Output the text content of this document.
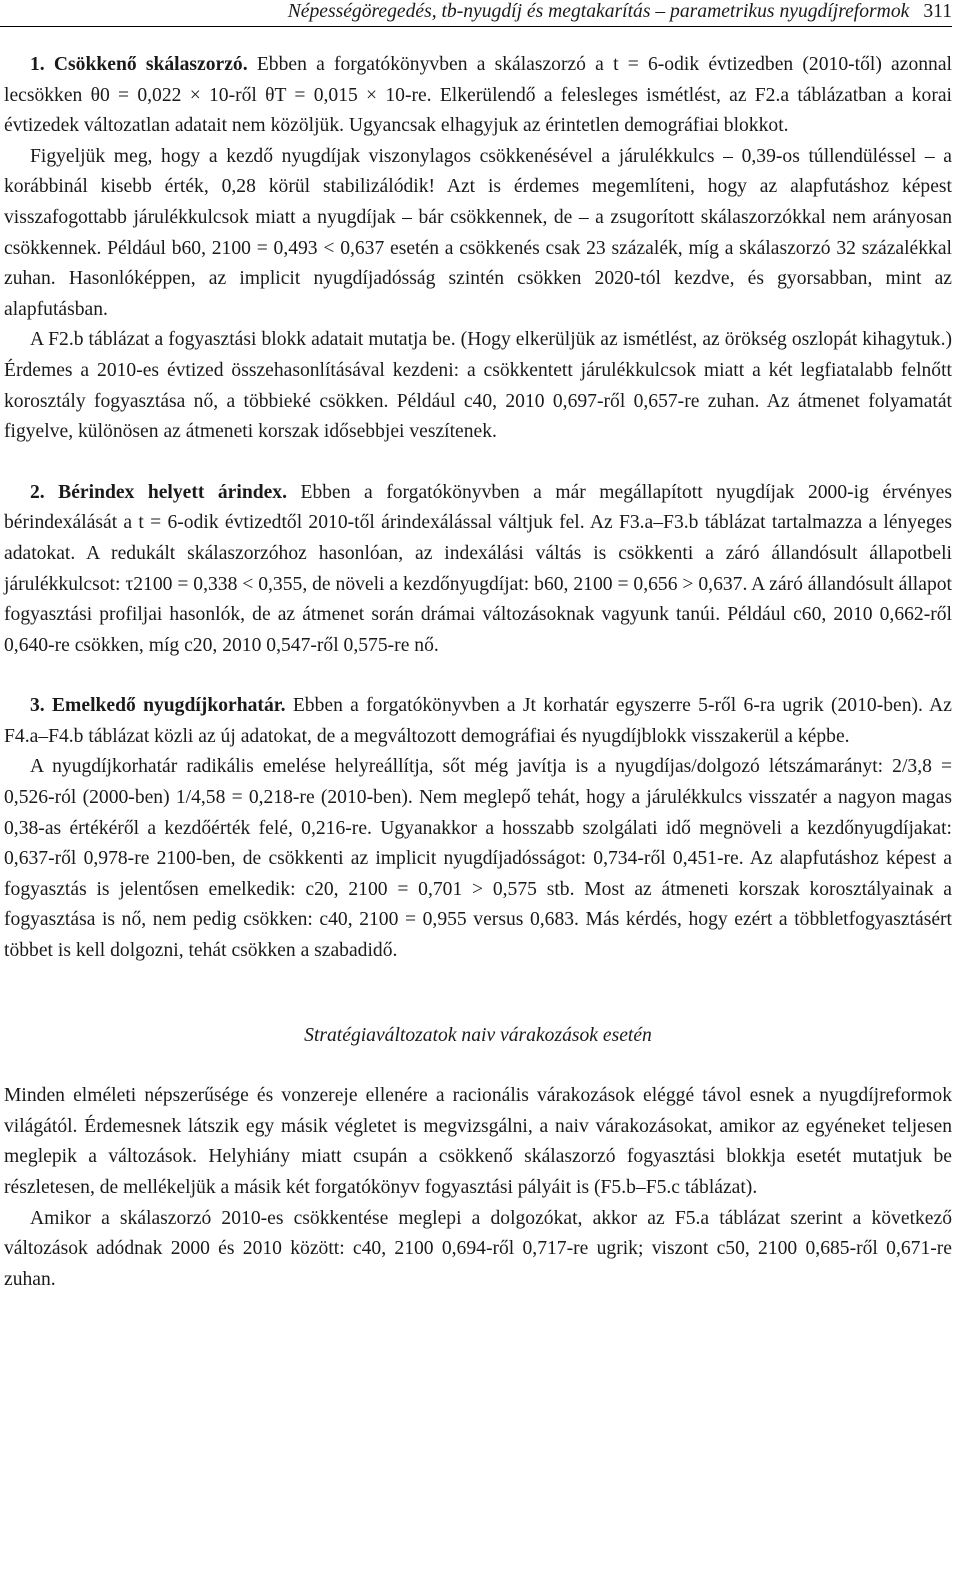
Népességöregedés, tb-nyugdíj és megtakarítás – parametrikus nyugdíjreformok 311

1. Csökkenő skálaszorzó. Ebben a forgatókönyvben a skálaszorzó a t = 6-odik évtizedben (2010-től) azonnal lecsökken θ0 = 0,022 × 10-ről θT = 0,015 × 10-re. Elkerülendő a felesleges ismétlést, az F2.a táblázatban a korai évtizedek változatlan adatait nem közöljük. Ugyancsak elhagyjuk az érintetlen demográfiai blokkot.

Figyeljük meg, hogy a kezdő nyugdíjak viszonylagos csökkenésével a járulékkulcs – 0,39-os túllendüléssel – a korábbinál kisebb érték, 0,28 körül stabilizálódik! Azt is érdemes megemlíteni, hogy az alapfutáshoz képest visszafogottabb járulékkulcsok miatt a nyugdíjak – bár csökkennek, de – a zsugorított skálaszorzókkal nem arányosan csökkennek. Például b60, 2100 = 0,493 < 0,637 esetén a csökkenés csak 23 százalék, míg a skálaszorzó 32 százalékkal zuhan. Hasonlóképpen, az implicit nyugdíjadósság szintén csökken 2020-tól kezdve, és gyorsabban, mint az alapfutásban.

A F2.b táblázat a fogyasztási blokk adatait mutatja be. (Hogy elkerüljük az ismétlést, az örökség oszlopát kihagytuk.) Érdemes a 2010-es évtized összehasonlításával kezdeni: a csökkentett járulékkulcsok miatt a két legfiatalabb felnőtt korosztály fogyasztása nő, a többieké csökken. Például c40, 2010 0,697-ről 0,657-re zuhan. Az átmenet folyamatát figyelve, különösen az átmeneti korszak idősebbjei veszítenek.

2. Bérindex helyett árindex. Ebben a forgatókönyvben a már megállapított nyugdíjak 2000-ig érvényes bérindexálását a t = 6-odik évtizedtől 2010-től árindexálással váltjuk fel. Az F3.a–F3.b táblázat tartalmazza a lényeges adatokat. A redukált skálaszorzóhoz hasonlóan, az indexálási váltás is csökkenti a záró állandósult állapotbeli járulékkulcsot: τ2100 = 0,338 < 0,355, de növeli a kezdőnyugdíjat: b60, 2100 = 0,656 > 0,637. A záró állandósult állapot fogyasztási profiljai hasonlók, de az átmenet során drámai változásoknak vagyunk tanúi. Például c60, 2010 0,662-ről 0,640-re csökken, míg c20, 2010 0,547-ről 0,575-re nő.

3. Emelkedő nyugdíjkorhatár. Ebben a forgatókönyvben a Jt korhatár egyszerre 5-ről 6-ra ugrik (2010-ben). Az F4.a–F4.b táblázat közli az új adatokat, de a megváltozott demográfiai és nyugdíjblokk visszakerül a képbe.

A nyugdíjkorhatár radikális emelése helyreállítja, sőt még javítja is a nyugdíjas/dolgozó létszámarányt: 2/3,8 = 0,526-ról (2000-ben) 1/4,58 = 0,218-re (2010-ben). Nem meglepő tehát, hogy a járulékkulcs visszatér a nagyon magas 0,38-as értékéről a kezdőérték felé, 0,216-re. Ugyanakkor a hosszabb szolgálati idő megnöveli a kezdőnyugdíjakat: 0,637-ről 0,978-re 2100-ben, de csökkenti az implicit nyugdíjadósságot: 0,734-ről 0,451-re. Az alapfutáshoz képest a fogyasztás is jelentősen emelkedik: c20, 2100 = 0,701 > 0,575 stb. Most az átmeneti korszak korosztályainak a fogyasztása is nő, nem pedig csökken: c40, 2100 = 0,955 versus 0,683. Más kérdés, hogy ezért a többletfogyasztásért többet is kell dolgozni, tehát csökken a szabadidő.

Stratégiaváltozatok naiv várakozások esetén

Minden elméleti népszerűsége és vonzereje ellenére a racionális várakozások eléggé távol esnek a nyugdíjreformok világától. Érdemesnek látszik egy másik végletet is megvizsgálni, a naiv várakozásokat, amikor az egyéneket teljesen meglepik a változások. Helyhiány miatt csupán a csökkenő skálaszorzó fogyasztási blokkja esetét mutatjuk be részletesen, de mellékeljük a másik két forgatókönyv fogyasztási pályáit is (F5.b–F5.c táblázat).

Amikor a skálaszorzó 2010-es csökkentése meglepi a dolgozókat, akkor az F5.a táblázat szerint a következő változások adódnak 2000 és 2010 között: c40, 2100 0,694-ről 0,717-re ugrik; viszont c50, 2100 0,685-ről 0,671-re zuhan.
